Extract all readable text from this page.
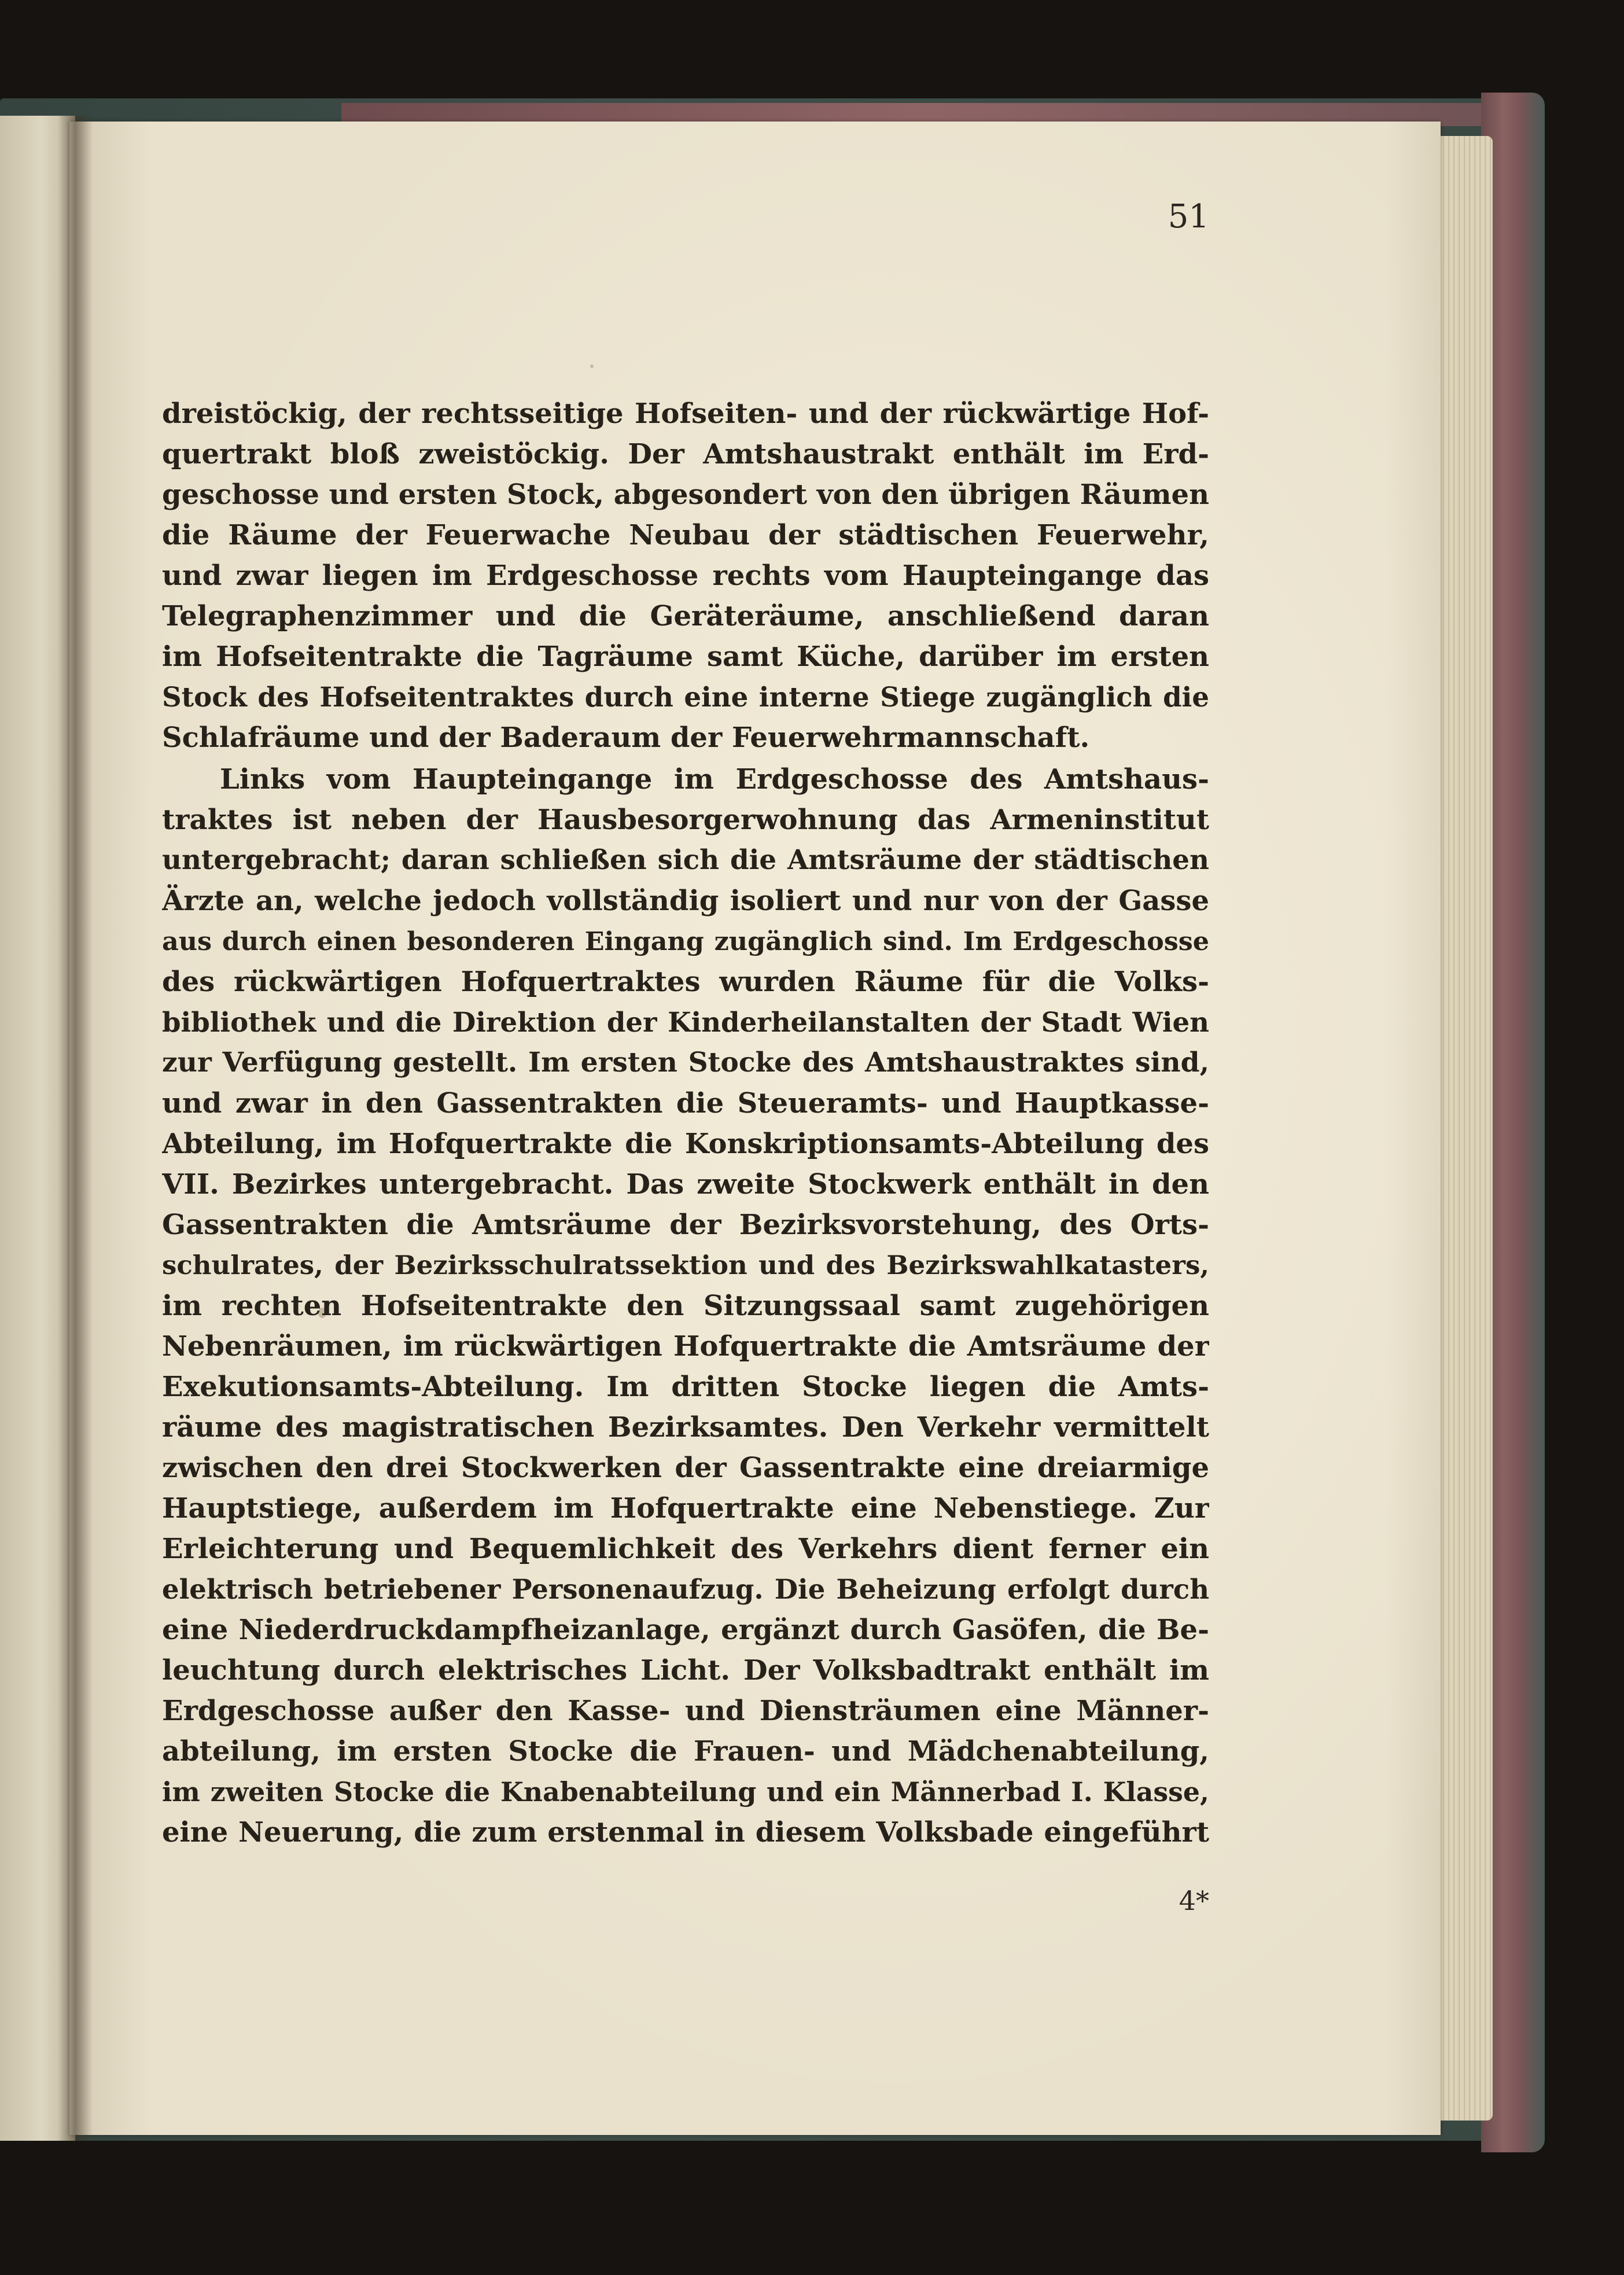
51
dreistöckig, der rechtsseitige Hofseiten- und der rückwärtige Hof-
quertrakt bloß zweistöckig. Der Amtshaustrakt enthält im Erd-
geschosse und ersten Stock, abgesondert von den übrigen Räumen
die Räume der Feuerwache Neubau der städtischen Feuerwehr,
und zwar liegen im Erdgeschosse rechts vom Haupteingange das
Telegraphenzimmer und die Geräteräume, anschließend daran
im Hofseitentrakte die Tagräume samt Küche, darüber im ersten
Stock des Hofseitentraktes durch eine interne Stiege zugänglich die
Schlafräume und der Baderaum der Feuerwehrmannschaft.
Links vom Haupteingange im Erdgeschosse des Amtshaus-
traktes ist neben der Hausbesorgerwohnung das Armeninstitut
untergebracht; daran schließen sich die Amtsräume der städtischen
Ärzte an, welche jedoch vollständig isoliert und nur von der Gasse
aus durch einen besonderen Eingang zugänglich sind. Im Erdgeschosse
des rückwärtigen Hofquertraktes wurden Räume für die Volks-
bibliothek und die Direktion der Kinderheilanstalten der Stadt Wien
zur Verfügung gestellt. Im ersten Stocke des Amtshaustraktes sind,
und zwar in den Gassentrakten die Steueramts- und Hauptkasse-
Abteilung, im Hofquertrakte die Konskriptionsamts-Abteilung des
VII. Bezirkes untergebracht. Das zweite Stockwerk enthält in den
Gassentrakten die Amtsräume der Bezirksvorstehung, des Orts-
schulrates, der Bezirksschulratssektion und des Bezirkswahlkatasters,
im rechten Hofseitentrakte den Sitzungssaal samt zugehörigen
Nebenräumen, im rückwärtigen Hofquertrakte die Amtsräume der
Exekutionsamts-Abteilung. Im dritten Stocke liegen die Amts-
räume des magistratischen Bezirksamtes. Den Verkehr vermittelt
zwischen den drei Stockwerken der Gassentrakte eine dreiarmige
Hauptstiege, außerdem im Hofquertrakte eine Nebenstiege. Zur
Erleichterung und Bequemlichkeit des Verkehrs dient ferner ein
elektrisch betriebener Personenaufzug. Die Beheizung erfolgt durch
eine Niederdruckdampfheizanlage, ergänzt durch Gasöfen, die Be-
leuchtung durch elektrisches Licht. Der Volksbadtrakt enthält im
Erdgeschosse außer den Kasse- und Diensträumen eine Männer-
abteilung, im ersten Stocke die Frauen- und Mädchenabteilung,
im zweiten Stocke die Knabenabteilung und ein Männerbad I. Klasse,
eine Neuerung, die zum erstenmal in diesem Volksbade eingeführt
4*
